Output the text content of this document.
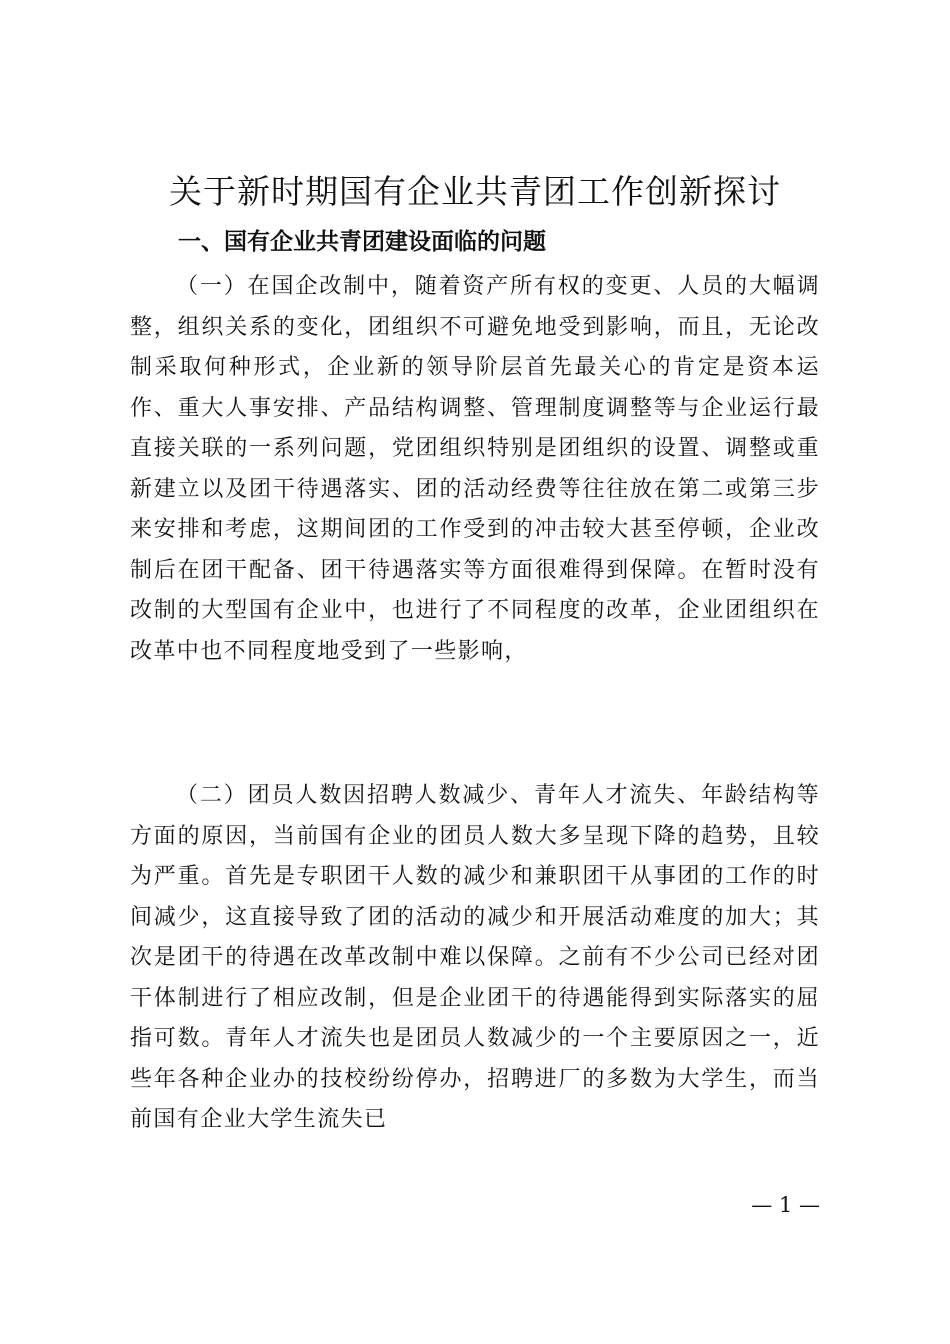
关于新时期国有企业共青团工作创新探讨
一、国有企业共青团建设面临的问题

（一）在国企改制中，随着资产所有权的变更、人员的大幅调整，组织关系的变化，团组织不可避免地受到影响，而且，无论改制采取何种形式，企业新的领导阶层首先最关心的肯定是资本运作、重大人事安排、产品结构调整、管理制度调整等与企业运行最直接关联的一系列问题，党团组织特别是团组织的设置、调整或重新建立以及团干待遇落实、团的活动经费等往往放在第二或第三步来安排和考虑，这期间团的工作受到的冲击较大甚至停顿，企业改制后在团干配备、团干待遇落实等方面很难得到保障。在暂时没有改制的大型国有企业中，也进行了不同程度的改革，企业团组织在改革中也不同程度地受到了一些影响，

（二）团员人数因招聘人数减少、青年人才流失、年龄结构等方面的原因，当前国有企业的团员人数大多呈现下降的趋势，且较为严重。首先是专职团干人数的减少和兼职团干从事团的工作的时间减少，这直接导致了团的活动的减少和开展活动难度的加大；其次是团干的待遇在改革改制中难以保障。之前有不少公司已经对团干体制进行了相应改制，但是企业团干的待遇能得到实际落实的屈指可数。青年人才流失也是团员人数减少的一个主要原因之一，近些年各种企业办的技校纷纷停办，招聘进厂的多数为大学生，而当前国有企业大学生流失已

— 1 —
